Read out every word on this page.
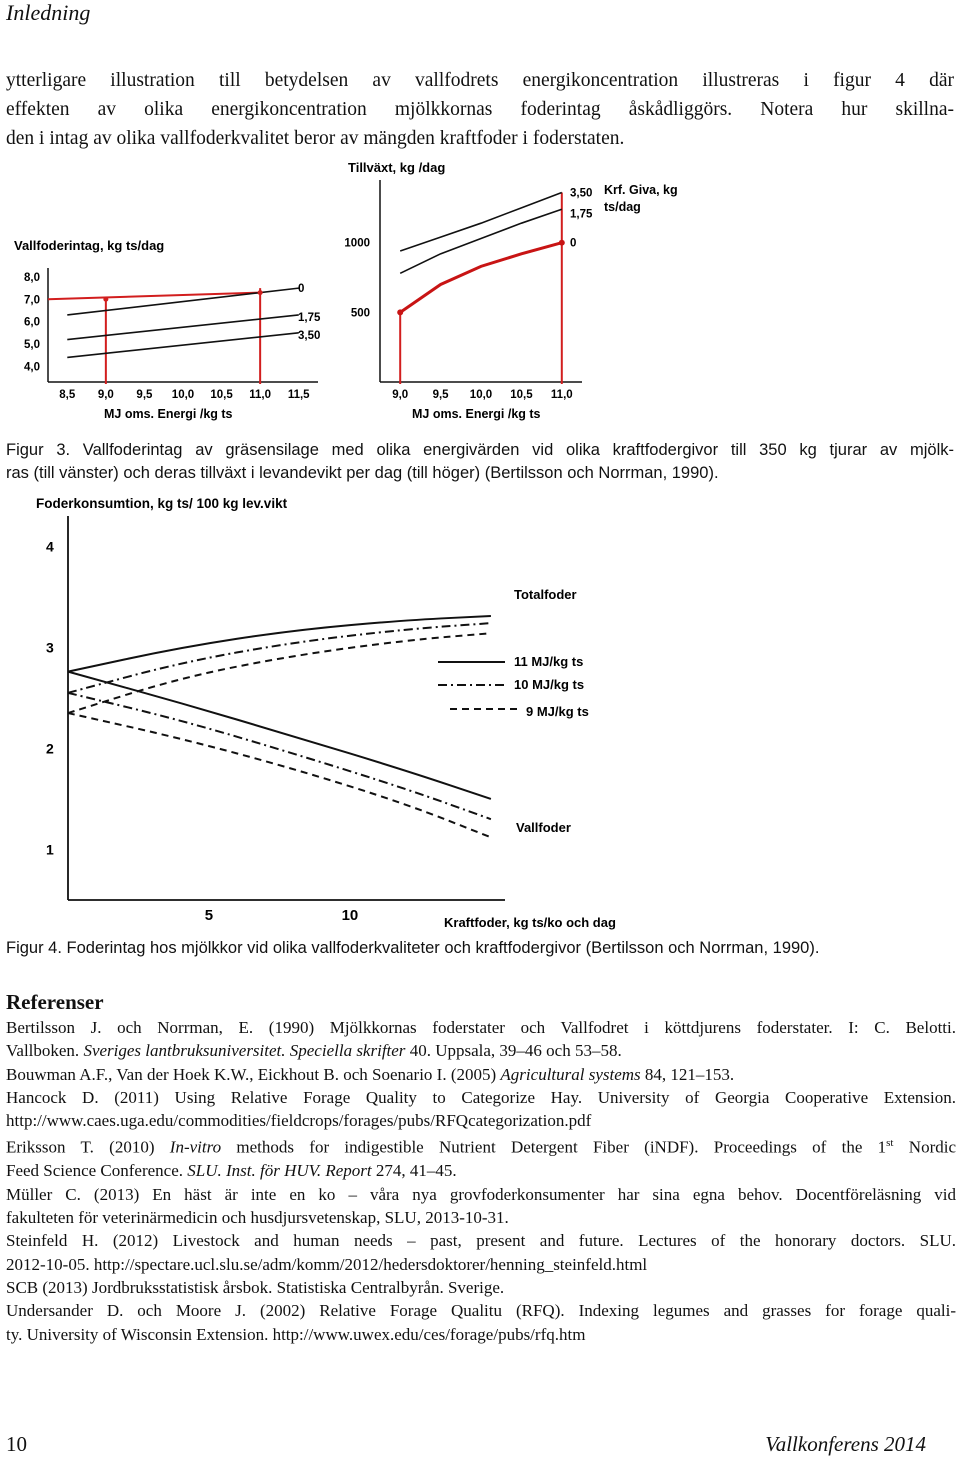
Inledning
ytterligare illustration till betydelsen av vallfodrets energikoncentration illustreras i figur 4 där
effekten av olika energikoncentration mjölkkornas foderintag åskådliggörs. Notera hur skillna-
den i intag av olika vallfoderkvalitet beror av mängden kraftfoder i foderstaten.
Vallfoderintag, kg ts/dag
8,0
7,0
6,0
5,0
4,0
8,5 9,0 9,5 10,0 10,5 11,0 11,5
0
1,75
3,50
MJ oms. Energi /kg ts
Tillväxt, kg /dag
1000
500
9,0 9,5 10,0 10,5 11,0
3,50
1,75
0
Krf. Giva, kg
ts/dag
MJ oms. Energi /kg ts
Figur 3. Vallfoderintag av gräsensilage med olika energivärden vid olika kraftfodergivor till 350 kg tjurar av mjölk-
ras (till vänster) och deras tillväxt i levandevikt per dag (till höger) (Bertilsson och Norrman, 1990).
Foderkonsumtion, kg ts/ 100 kg lev.vikt
4
3
2
1
5	10
Totalfoder
11 MJ/kg ts
10 MJ/kg ts
9 MJ/kg ts
Vallfoder
Kraftfoder, kg ts/ko och dag
Figur 4. Foderintag hos mjölkkor vid olika vallfoderkvaliteter och kraftfodergivor (Bertilsson och Norrman, 1990).
Referenser
Bertilsson J. och Norrman, E. (1990) Mjölkkornas foderstater och Vallfodret i köttdjurens foderstater. I: C. Belotti.
Vallboken. Sveriges lantbruksuniversitet. Speciella skrifter 40. Uppsala, 39–46 och 53–58.
Bouwman A.F., Van der Hoek K.W., Eickhout B. och Soenario I. (2005) Agricultural systems 84, 121–153.
Hancock D. (2011) Using Relative Forage Quality to Categorize Hay. University of Georgia Cooperative Extension.
http://www.caes.uga.edu/commodities/fieldcrops/forages/pubs/RFQcategorization.pdf
Eriksson T. (2010) In-vitro methods for indigestible Nutrient Detergent Fiber (iNDF). Proceedings of the 1st Nordic
Feed Science Conference. SLU. Inst. för HUV. Report 274, 41–45.
Müller C. (2013) En häst är inte en ko – våra nya grovfoderkonsumenter har sina egna behov. Docentföreläsning vid
fakulteten för veterinärmedicin och husdjursvetenskap, SLU, 2013-10-31.
Steinfeld H. (2012) Livestock and human needs – past, present and future. Lectures of the honorary doctors. SLU.
2012-10-05. http://spectare.ucl.slu.se/adm/komm/2012/hedersdoktorer/henning_steinfeld.html
SCB (2013) Jordbruksstatistisk årsbok. Statistiska Centralbyrån. Sverige.
Undersander D. och Moore J. (2002) Relative Forage Qualitu (RFQ). Indexing legumes and grasses for forage quali-
ty. University of Wisconsin Extension. http://www.uwex.edu/ces/forage/pubs/rfq.htm
10	Vallkonferens 2014
